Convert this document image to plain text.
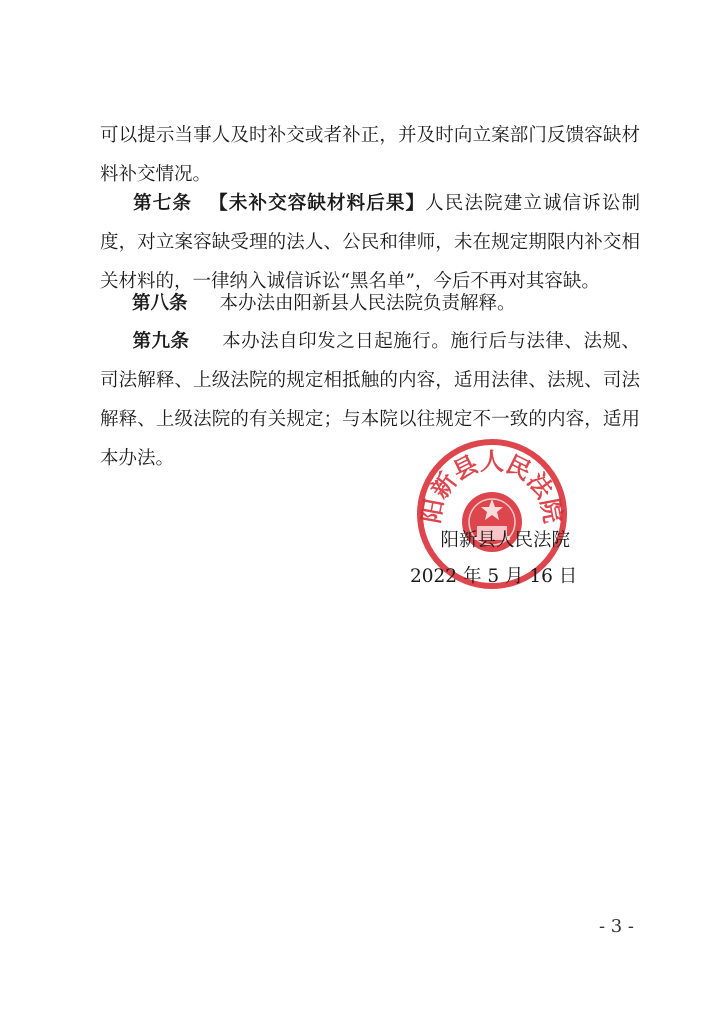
可以提示当事人及时补交或者补正，并及时向立案部门反馈容缺材料补交情况。

第七条 【未补交容缺材料后果】人民法院建立诚信诉讼制度，对立案容缺受理的法人、公民和律师，未在规定期限内补交相关材料的，一律纳入诚信诉讼“黑名单”，今后不再对其容缺。

第八条 本办法由阳新县人民法院负责解释。

第九条 本办法自印发之日起施行。施行后与法律、法规、司法解释、上级法院的规定相抵触的内容，适用法律、法规、司法解释、上级法院的有关规定；与本院以往规定不一致的内容，适用本办法。

阳新县人民法院
阳新县人民法院
2022 年 5 月 16 日
- 3 -
